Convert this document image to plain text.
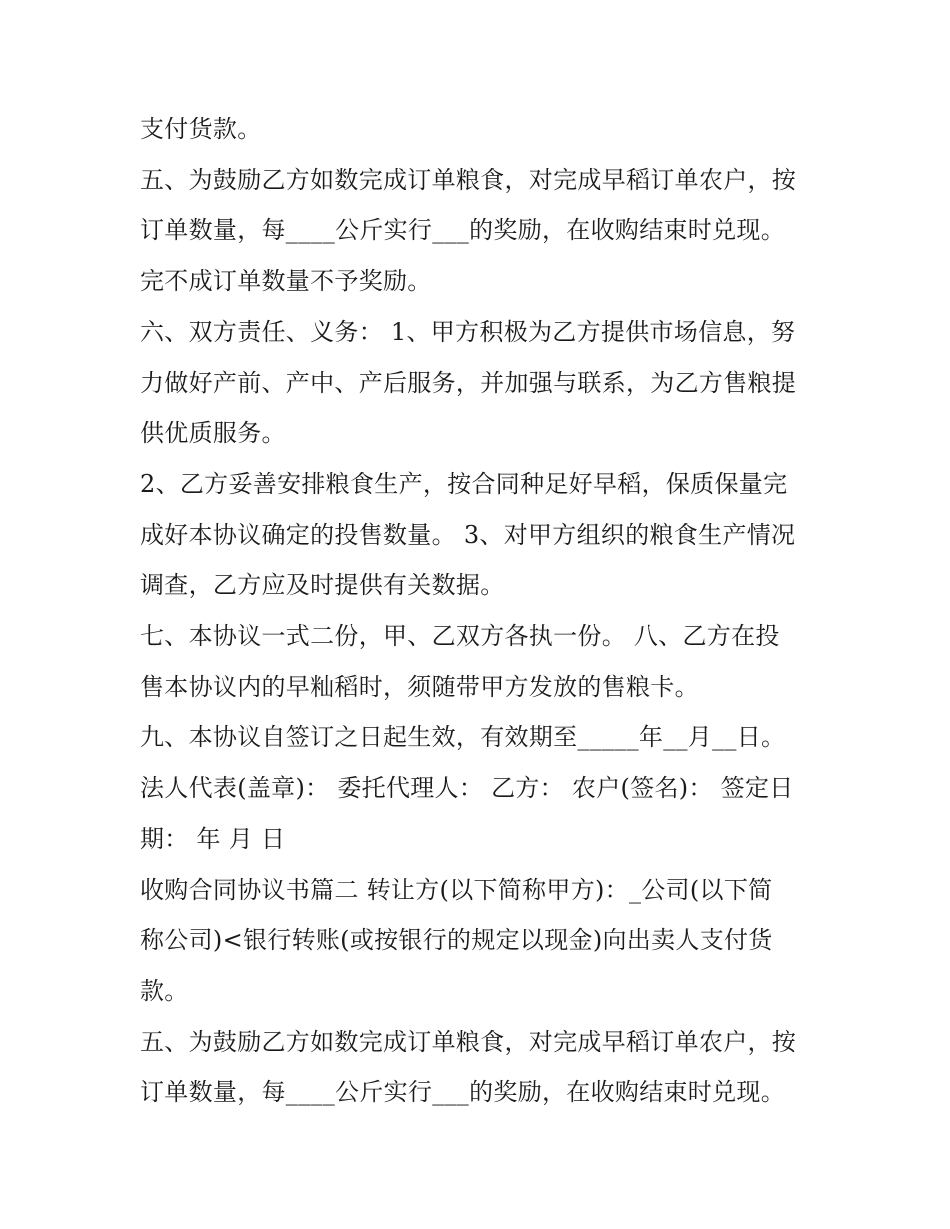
支付货款。
五、为鼓励乙方如数完成订单粮食，对完成早稻订单农户，按
订单数量，每____公斤实行___的奖励，在收购结束时兑现。
完不成订单数量不予奖励。
六、双方责任、义务： 1、甲方积极为乙方提供市场信息，努
力做好产前、产中、产后服务，并加强与联系，为乙方售粮提
供优质服务。
2、乙方妥善安排粮食生产，按合同种足好早稻，保质保量完
成好本协议确定的投售数量。 3、对甲方组织的粮食生产情况
调查，乙方应及时提供有关数据。
七、本协议一式二份，甲、乙双方各执一份。 八、乙方在投
售本协议内的早籼稻时，须随带甲方发放的售粮卡。
九、本协议自签订之日起生效，有效期至_____年__月__日。
法人代表(盖章)： 委托代理人： 乙方： 农户(签名)： 签定日
期： 年 月 日
收购合同协议书篇二 转让方(以下简称甲方)：_公司(以下简
称公司)<银行转账(或按银行的规定以现金)向出卖人支付货
款。
五、为鼓励乙方如数完成订单粮食，对完成早稻订单农户，按
订单数量，每____公斤实行___的奖励，在收购结束时兑现。
